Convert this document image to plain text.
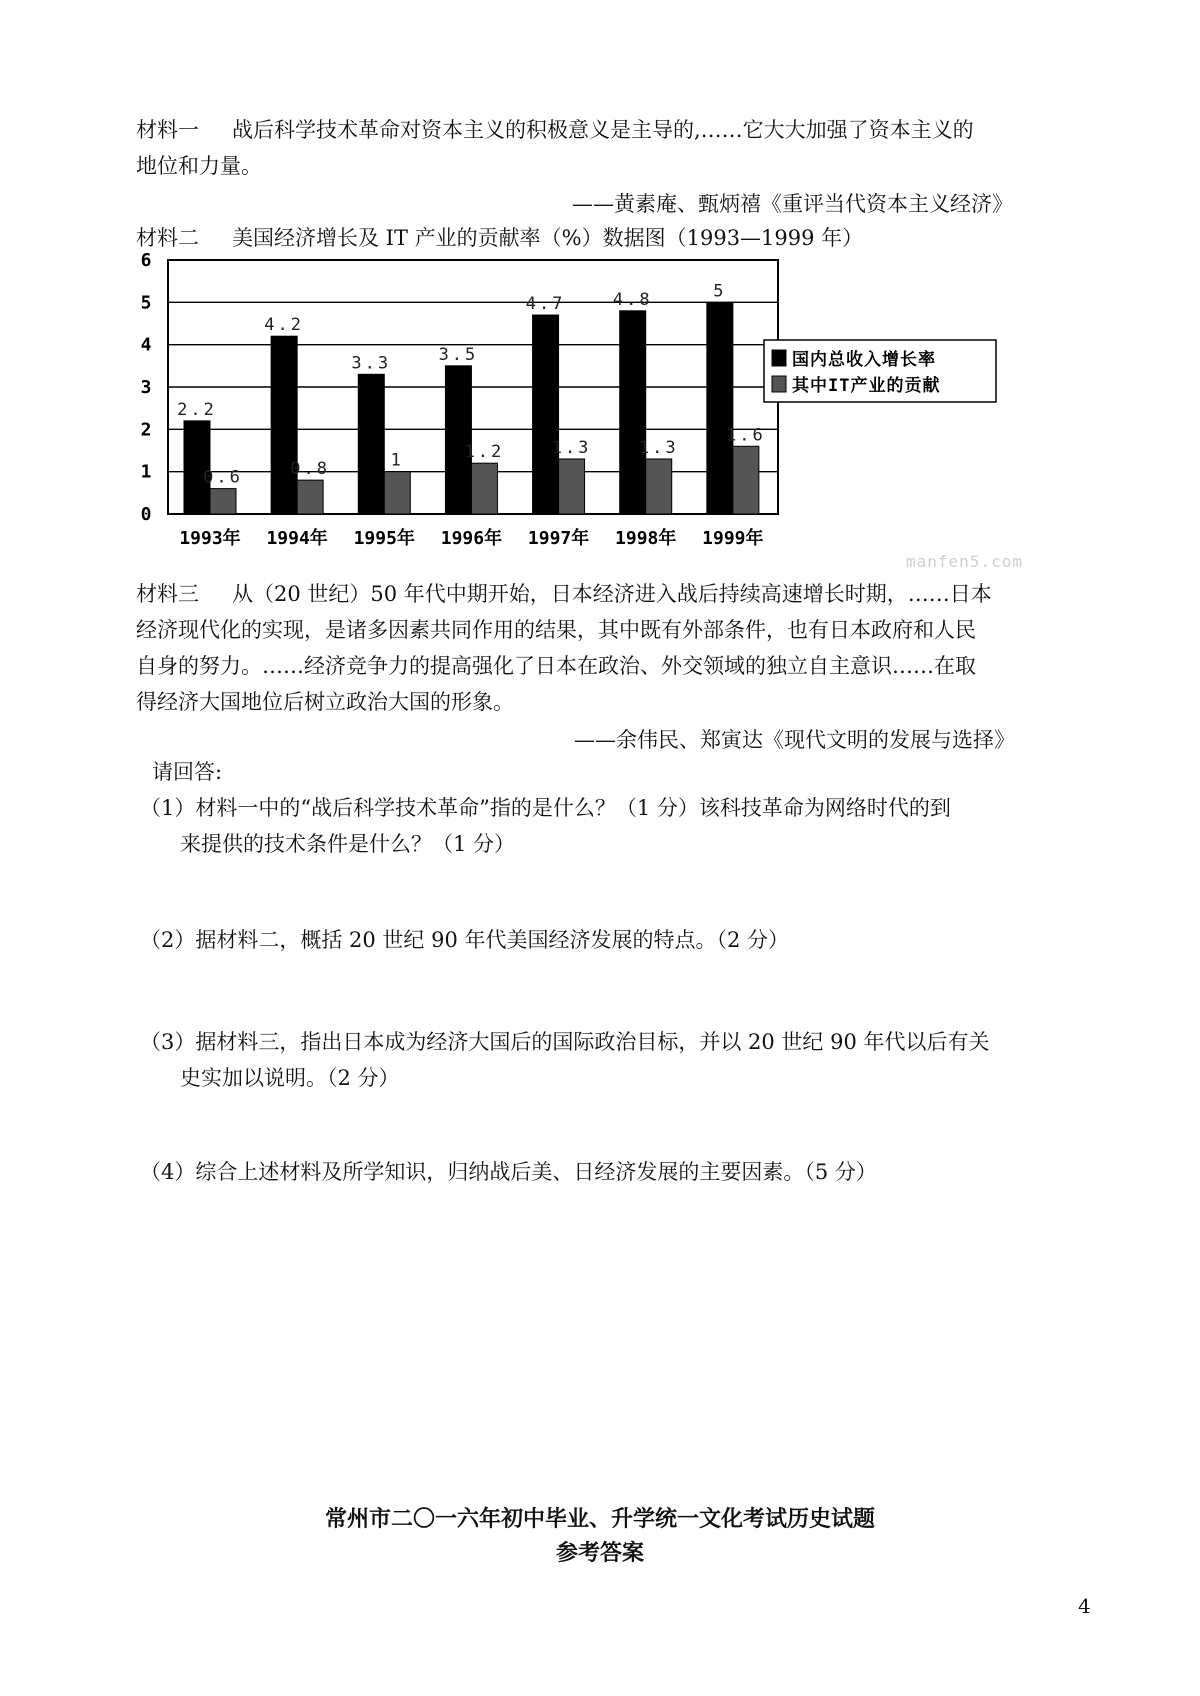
材料一 战后科学技术革命对资本主义的积极意义是主导的,……它大大加强了资本主义的
地位和力量。
——黄素庵、甄炳禧《重评当代资本主义经济》
材料二 美国经济增长及 IT 产业的贡献率（%）数据图（1993—1999 年）
0
1
2
3
4
5
6
2.2
0.6
1993年
4.2
0.8
1994年
3.3
1
1995年
3.5
1.2
1996年
4.7
1.3
1997年
4.8
1.3
1998年
5
1.6
1999年
国内总收入增长率
其中IT产业的贡献
manfen5.com
材料三 从（20 世纪）50 年代中期开始，日本经济进入战后持续高速增长时期，……日本
经济现代化的实现，是诸多因素共同作用的结果，其中既有外部条件，也有日本政府和人民
自身的努力。……经济竞争力的提高强化了日本在政治、外交领域的独立自主意识……在取
得经济大国地位后树立政治大国的形象。
——余伟民、郑寅达《现代文明的发展与选择》
请回答:
（1）材料一中的“战后科学技术革命”指的是什么？（1 分）该科技革命为网络时代的到
来提供的技术条件是什么？（1 分）
（2）据材料二，概括 20 世纪 90 年代美国经济发展的特点。（2 分）
（3）据材料三，指出日本成为经济大国后的国际政治目标，并以 20 世纪 90 年代以后有关
史实加以说明。（2 分）
（4）综合上述材料及所学知识，归纳战后美、日经济发展的主要因素。（5 分）
常州市二〇一六年初中毕业、升学统一文化考试历史试题
参考答案
4
